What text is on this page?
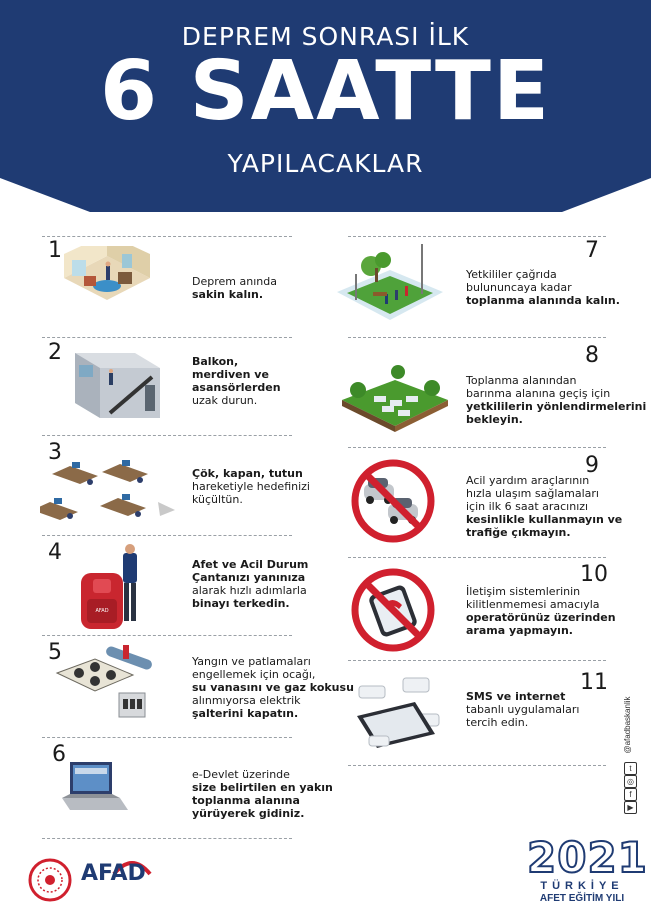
DEPREM SONRASI İLK
6 SAATTE
YAPILACAKLAR
1
Deprem anında
sakin kalın.
2	Balkon,
merdiven ve
asansörlerden
uzak durun.
3
Çök, kapan, tutun
hareketiyle hedefinizi
küçültün.
4
AFAD
Afet ve Acil Durum
Çantanızı yanınıza
alarak hızlı adımlarla
binayı terkedin.
5	Yangın ve patlamaları
engellemek için ocağı,
su vanasını ve gaz kokusu
alınmıyorsa elektrik
şalterini kapatın.
6
e-Devlet üzerinde
size belirtilen en yakın
toplanma alanına
yürüyerek gidiniz.
7
Yetkililer çağrıda
bulununcaya kadar
toplanma alanında kalın.
8
Toplanma alanından
barınma alanına geçiş için
yetkililerin yönlendirmelerini
bekleyin.
9
Acil yardım araçlarının
hızla ulaşım sağlamaları
için ilk 6 saat aracınızı
kesinlikle kullanmayın ve
trafiğe çıkmayın.
10
İletişim sistemlerinin
kilitlenmemesi amacıyla
operatörünüz üzerinden
arama yapmayın.
11
SMS ve internet
tabanlı uygulamaları
tercih edin.	@afadbaskanlik
t
◎
f
▶
AFAD	2021
TÜRKİYE
AFET EĞİTİM YILI
